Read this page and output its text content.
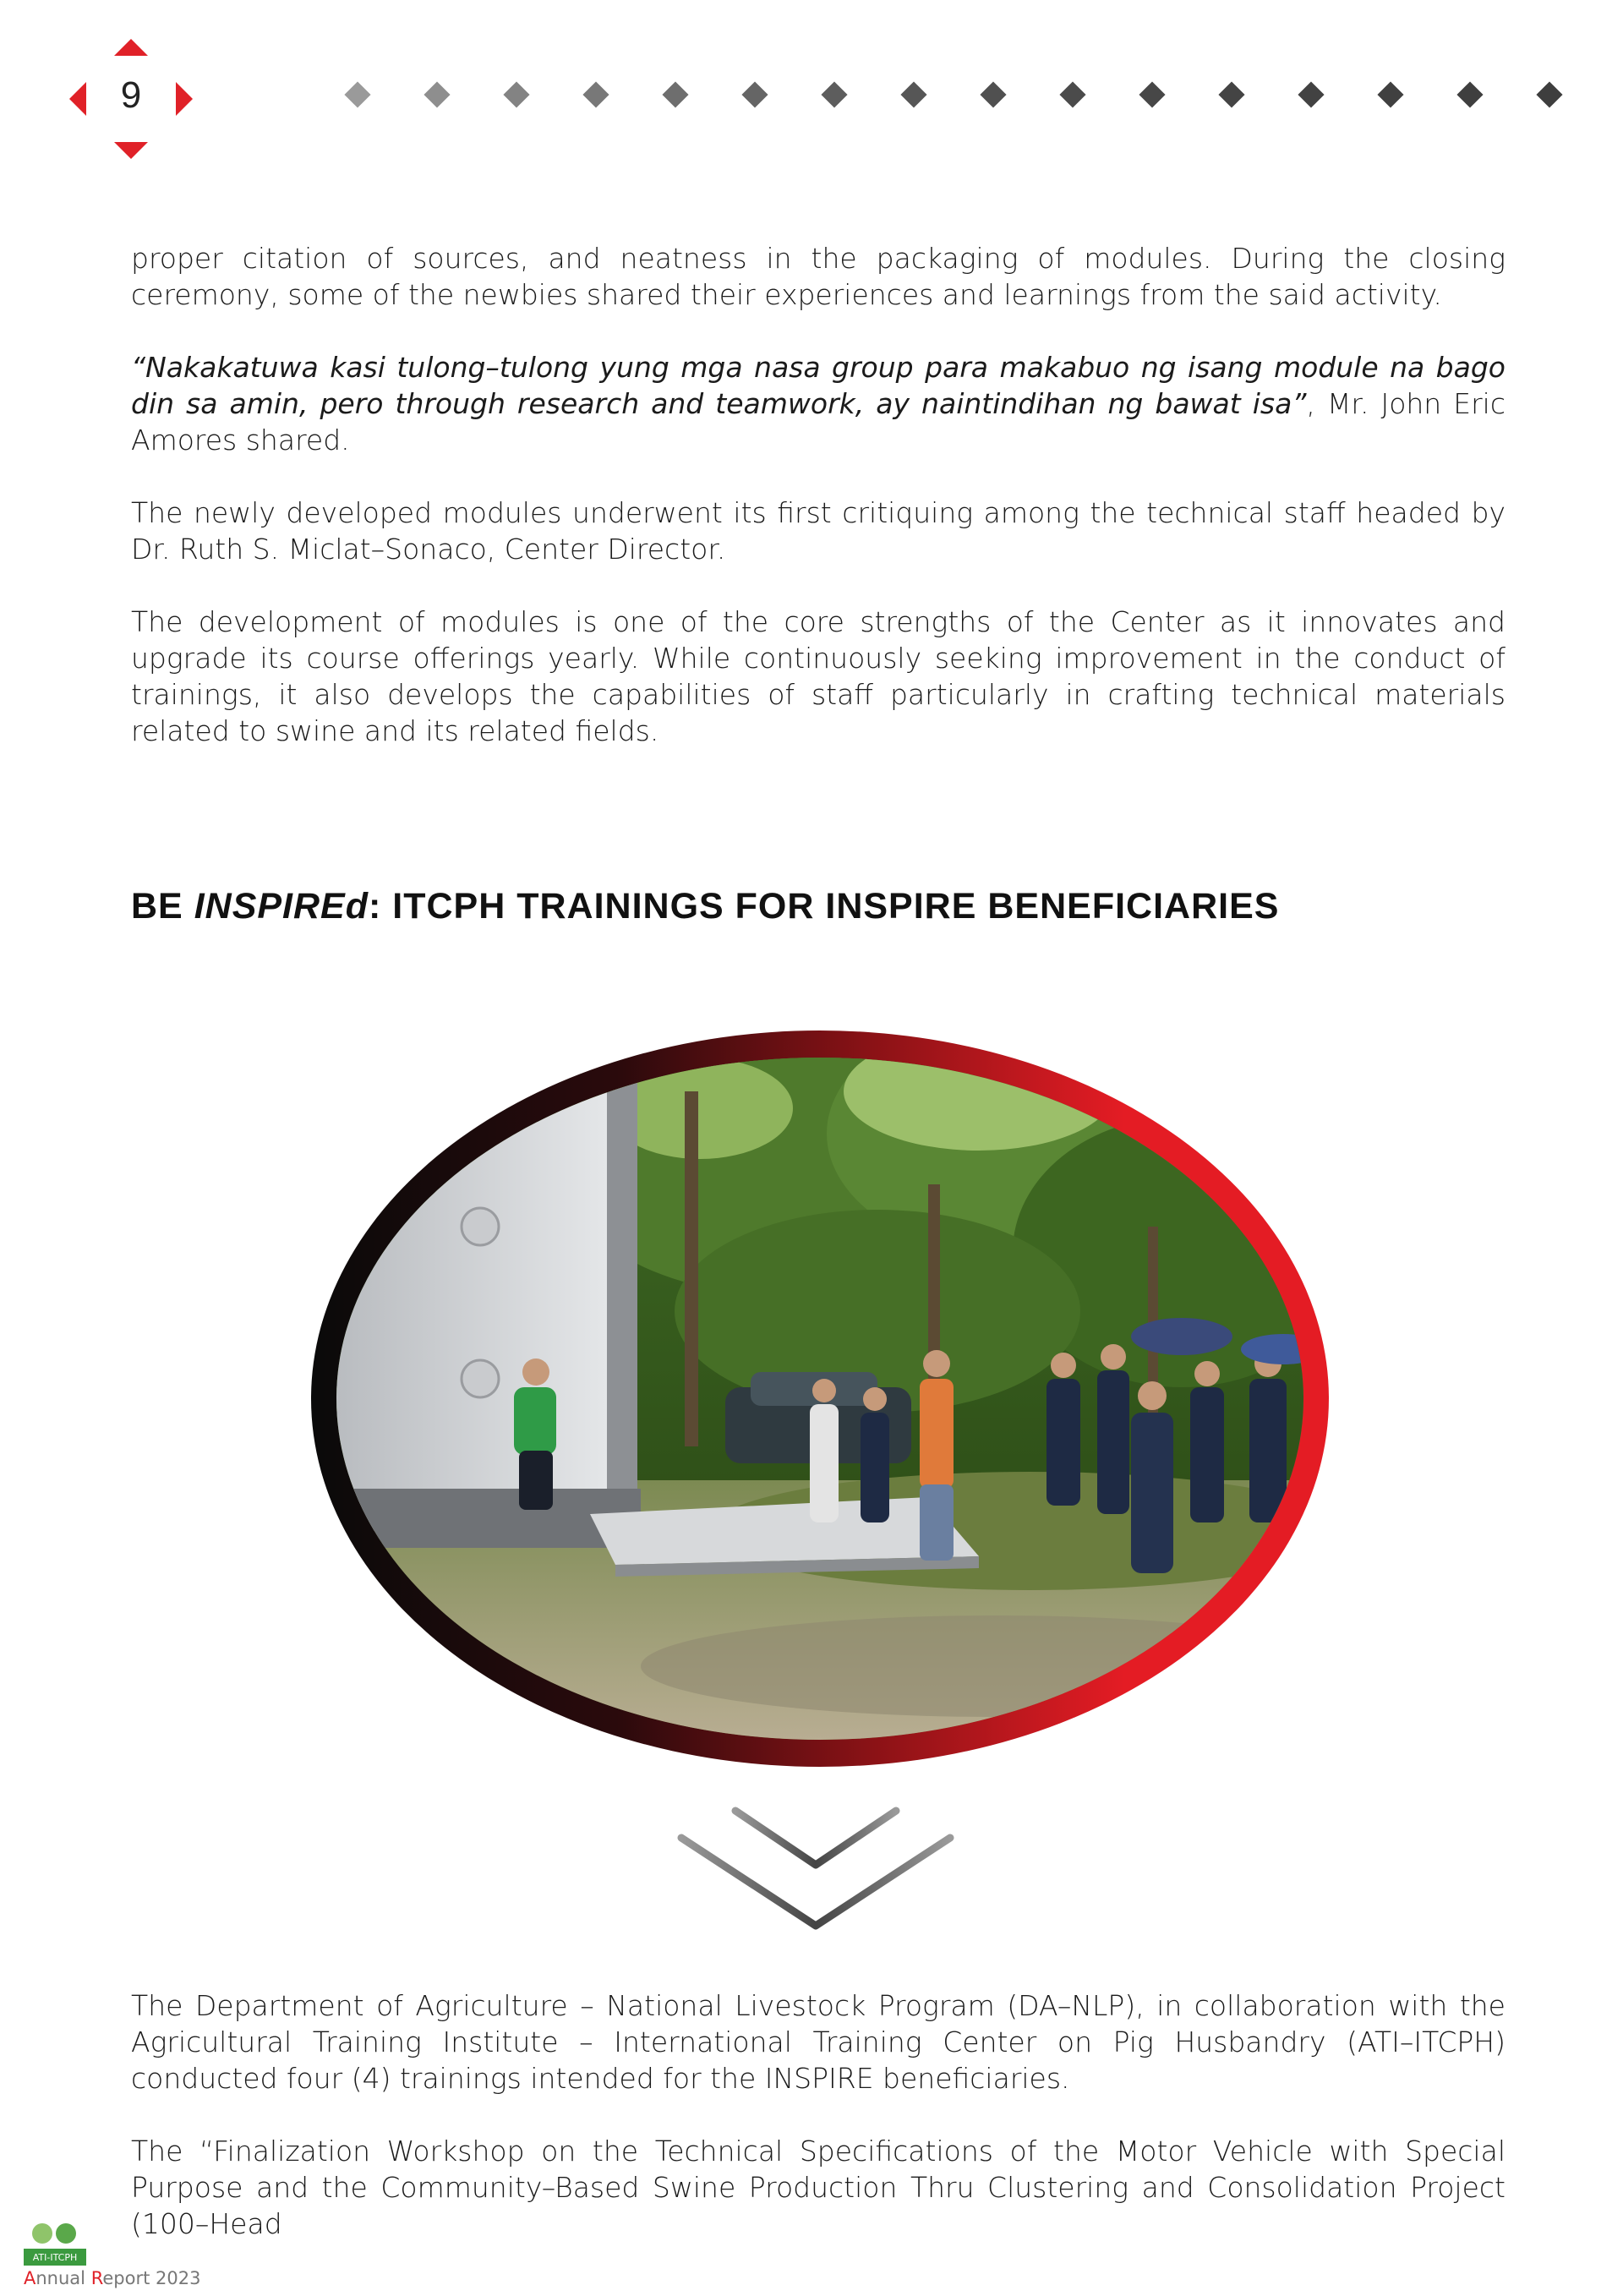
9

proper citation of sources, and neatness in the packaging of modules. During the closing ceremony, some of the newbies shared their experiences and learnings from the said activity.

“Nakakatuwa kasi tulong–tulong yung mga nasa group para makabuo ng isang module na bago din sa amin, pero through research and teamwork, ay naintindihan ng bawat isa”, Mr. John Eric Amores shared.

The newly developed modules underwent its first critiquing among the technical staff headed by Dr. Ruth S. Miclat–Sonaco, Center Director.

The development of modules is one of the core strengths of the Center as it innovates and upgrade its course offerings yearly. While continuously seeking improvement in the conduct of trainings, it also develops the capabilities of staff particularly in crafting technical materials related to swine and its related fields.

BE INSPIREd: ITCPH TRAININGS FOR INSPIRE BENEFICIARIES

The Department of Agriculture – National Livestock Program (DA–NLP), in collaboration with the Agricultural Training Institute – International Training Center on Pig Husbandry (ATI–ITCPH) conducted four (4) trainings intended for the INSPIRE beneficiaries.

The “Finalization Workshop on the Technical Specifications of the Motor Vehicle with Special Purpose and the Community–Based Swine Production Thru Clustering and Consolidation Project (100–Head

ATI-ITCPH
Annual Report 2023
